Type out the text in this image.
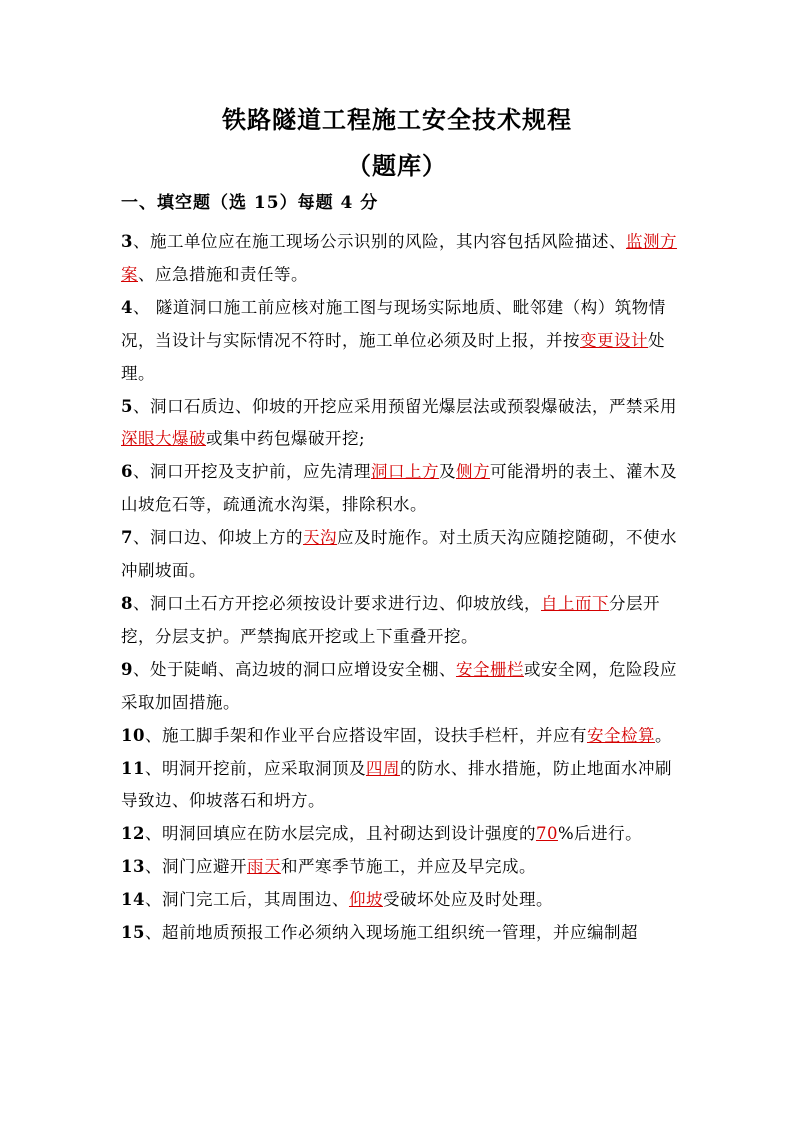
铁路隧道工程施工安全技术规程
（题库）
一、填空题（选 15）每题 4 分

3、施工单位应在施工现场公示识别的风险，其内容包括风险描述、监测方案、应急措施和责任等。

4、 隧道洞口施工前应核对施工图与现场实际地质、毗邻建（构）筑物情况，当设计与实际情况不符时，施工单位必须及时上报，并按变更设计处理。

5、洞口石质边、仰坡的开挖应采用预留光爆层法或预裂爆破法，严禁采用深眼大爆破或集中药包爆破开挖;

6、洞口开挖及支护前，应先清理洞口上方及侧方可能滑坍的表土、灌木及山坡危石等，疏通流水沟渠，排除积水。

7、洞口边、仰坡上方的天沟应及时施作。对土质天沟应随挖随砌，不使水冲刷坡面。

8、洞口土石方开挖必须按设计要求进行边、仰坡放线，自上而下分层开挖，分层支护。严禁掏底开挖或上下重叠开挖。

9、处于陡峭、高边坡的洞口应增设安全棚、安全栅栏或安全网，危险段应采取加固措施。

10、施工脚手架和作业平台应搭设牢固，设扶手栏杆，并应有安全检算。

11、明洞开挖前，应采取洞顶及四周的防水、排水措施，防止地面水冲刷导致边、仰坡落石和坍方。

12、明洞回填应在防水层完成，且衬砌达到设计强度的70%后进行。

13、洞门应避开雨天和严寒季节施工，并应及早完成。

14、洞门完工后，其周围边、仰坡受破坏处应及时处理。

15、超前地质预报工作必须纳入现场施工组织统一管理，并应编制超
